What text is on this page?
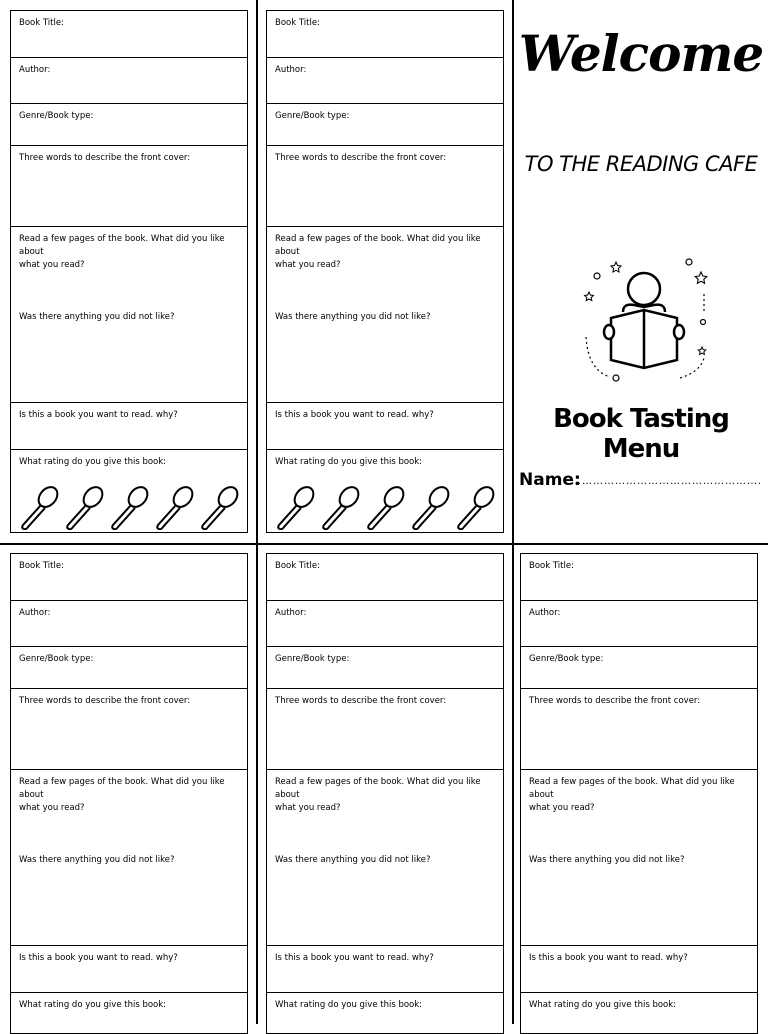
Book Title:
Author:
Genre/Book type:
Three words to describe the front cover:
Read a few pages of the book. What did you like about
what you read?
Was there anything you did not like?
Is this a book you want to read. why?
What rating do you give this book:
Book Title:
Author:
Genre/Book type:
Three words to describe the front cover:
Read a few pages of the book. What did you like about
what you read?
Was there anything you did not like?
Is this a book you want to read. why?
What rating do you give this book:
Welcome
TO THE READING CAFE
Book Tasting Menu
Name:
…………………………………………….
Book Title:
Author:
Genre/Book type:
Three words to describe the front cover:
Read a few pages of the book. What did you like about
what you read?
Was there anything you did not like?
Is this a book you want to read. why?
What rating do you give this book:
Book Title:
Author:
Genre/Book type:
Three words to describe the front cover:
Read a few pages of the book. What did you like about
what you read?
Was there anything you did not like?
Is this a book you want to read. why?
What rating do you give this book:
Book Title:
Author:
Genre/Book type:
Three words to describe the front cover:
Read a few pages of the book. What did you like about
what you read?
Was there anything you did not like?
Is this a book you want to read. why?
What rating do you give this book:
